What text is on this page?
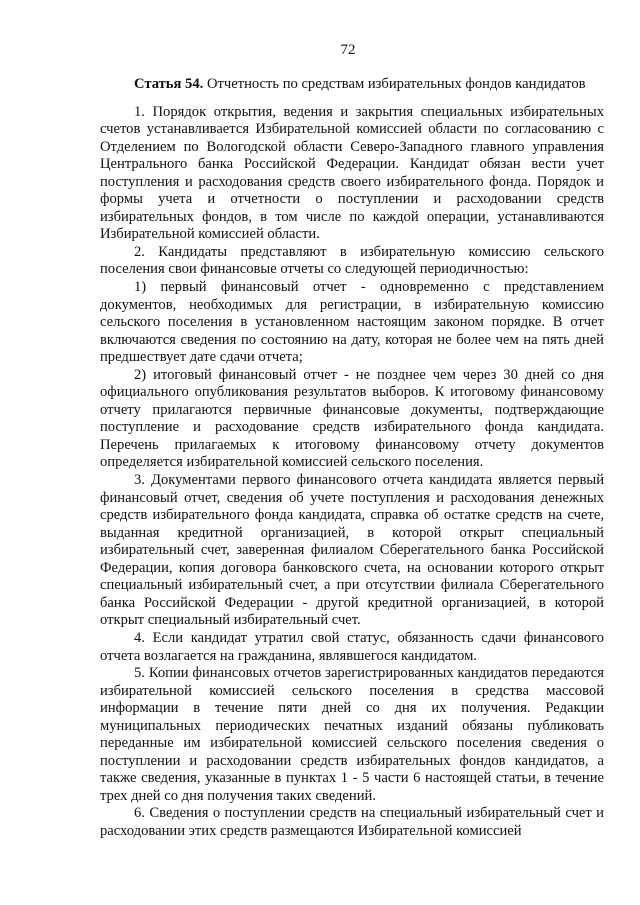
72

Статья 54. Отчетность по средствам избирательных фондов кандидатов

1. Порядок открытия, ведения и закрытия специальных избирательных счетов устанавливается Избирательной комиссией области по согласованию с Отделением по Вологодской области Северо-Западного главного управления Центрального банка Российской Федерации. Кандидат обязан вести учет поступления и расходования средств своего избирательного фонда. Порядок и формы учета и отчетности о поступлении и расходовании средств избирательных фондов, в том числе по каждой операции, устанавливаются Избирательной комиссией области.

2. Кандидаты представляют в избирательную комиссию сельского поселения свои финансовые отчеты со следующей периодичностью:

1) первый финансовый отчет - одновременно с представлением документов, необходимых для регистрации, в избирательную комиссию сельского поселения в установленном настоящим законом порядке. В отчет включаются сведения по состоянию на дату, которая не более чем на пять дней предшествует дате сдачи отчета;

2) итоговый финансовый отчет - не позднее чем через 30 дней со дня официального опубликования результатов выборов. К итоговому финансовому отчету прилагаются первичные финансовые документы, подтверждающие поступление и расходование средств избирательного фонда кандидата. Перечень прилагаемых к итоговому финансовому отчету документов определяется избирательной комиссией сельского поселения.

3. Документами первого финансового отчета кандидата является первый финансовый отчет, сведения об учете поступления и расходования денежных средств избирательного фонда кандидата, справка об остатке средств на счете, выданная кредитной организацией, в которой открыт специальный избирательный счет, заверенная филиалом Сберегательного банка Российской Федерации, копия договора банковского счета, на основании которого открыт специальный избирательный счет, а при отсутствии филиала Сберегательного банка Российской Федерации - другой кредитной организацией, в которой открыт специальный избирательный счет.

4. Если кандидат утратил свой статус, обязанность сдачи финансового отчета возлагается на гражданина, являвшегося кандидатом.

5. Копии финансовых отчетов зарегистрированных кандидатов передаются избирательной комиссией сельского поселения в средства массовой информации в течение пяти дней со дня их получения. Редакции муниципальных периодических печатных изданий обязаны публиковать переданные им избирательной комиссией сельского поселения сведения о поступлении и расходовании средств избирательных фондов кандидатов, а также сведения, указанные в пунктах 1 - 5 части 6 настоящей статьи, в течение трех дней со дня получения таких сведений.

6. Сведения о поступлении средств на специальный избирательный счет и расходовании этих средств размещаются Избирательной комиссией
